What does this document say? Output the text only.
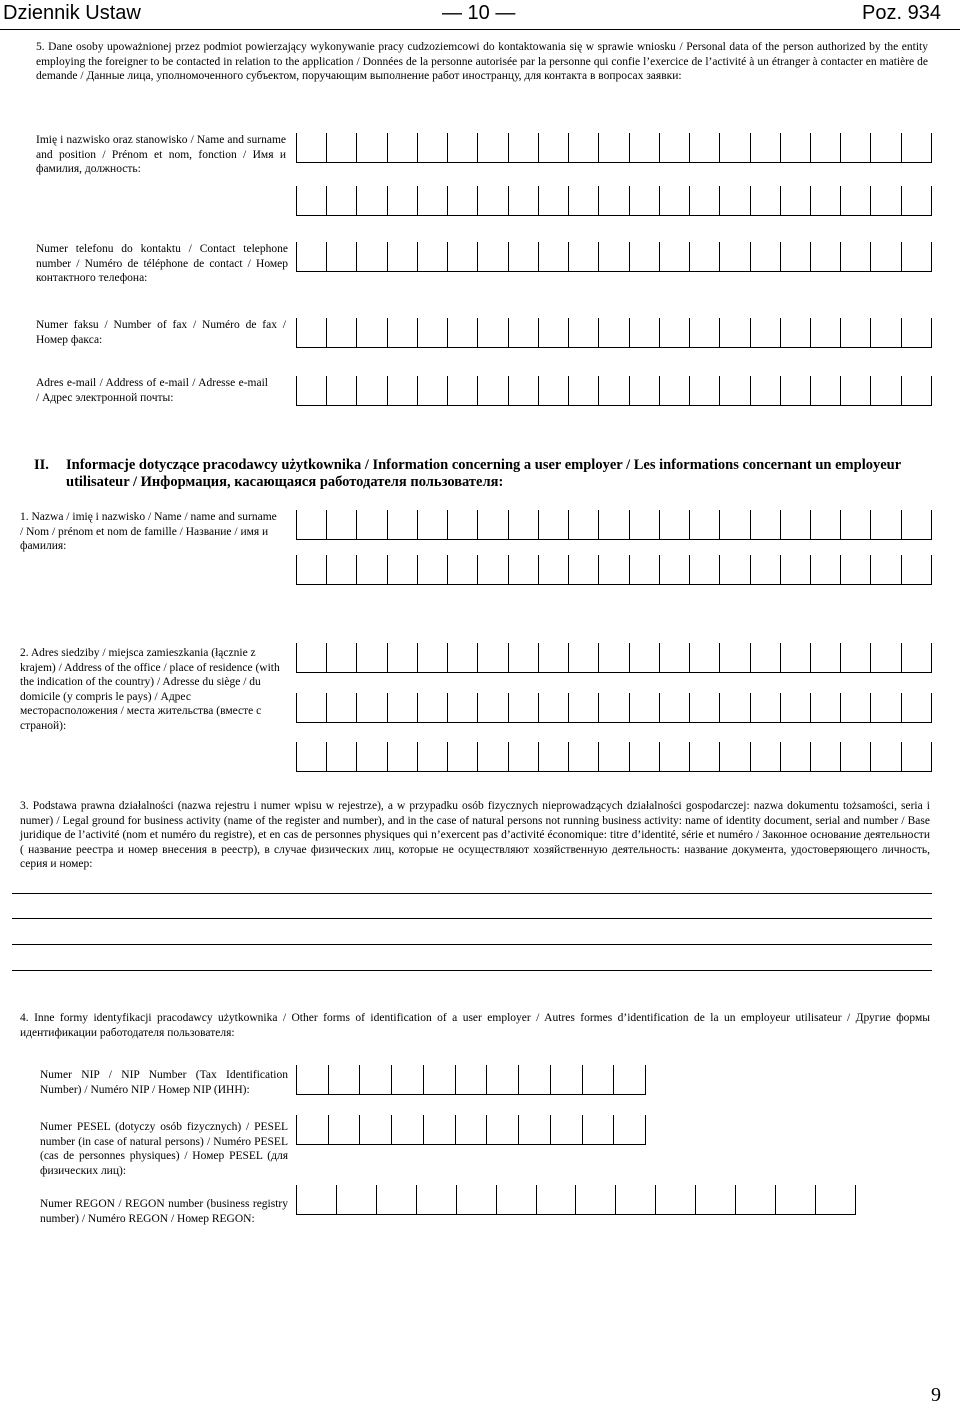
Dziennik Ustaw	— 10 —	Poz. 934
5. Dane osoby upoważnionej przez podmiot powierzający wykonywanie pracy cudzoziemcowi do kontaktowania się w sprawie wniosku / Personal data of the person authorized by the entity employing the foreigner to be contacted in relation to the application / Données de la personne autorisée par la personne qui confie l’exercice de l’activité à un étranger à contacter en matière de demande / Данные лица, уполномоченного субъектом, поручающим выполнение работ иностранцу, для контакта в вопросах заявки:
Imię i nazwisko oraz stanowisko / Name and surname and position / Prénom et nom, fonction / Имя и фамилия, должность:
Numer telefonu do kontaktu / Contact telephone number / Numéro de téléphone de contact / Номер контактного телефона:
Numer faksu / Number of fax / Numéro de fax / Номер факса:
Adres e-mail / Address of e-mail / Adresse e-mail / Адрес электронной почты:
II. Informacje dotyczące pracodawcy użytkownika / Information concerning a user employer / Les informations concernant un employeur utilisateur / Информация, касающаяся работодателя пользователя:
1. Nazwa / imię i nazwisko / Name / name and surname / Nom / prénom et nom de famille / Название / имя и фамилия:
2. Adres siedziby / miejsca zamieszkania (łącznie z krajem) / Address of the office / place of residence (with the indication of the country) / Adresse du siège / du domicile (y compris le pays) / Адрес месторасположения / места жительства (вместе с страной):
3. Podstawa prawna działalności (nazwa rejestru i numer wpisu w rejestrze), a w przypadku osób fizycznych nieprowadzących działalności gospodarczej: nazwa dokumentu tożsamości, seria i numer) / Legal ground for business activity (name of the register and number), and in the case of natural persons not running business activity: name of identity document, serial and number / Base juridique de l’activité (nom et numéro du registre), et en cas de personnes physiques qui n’exercent pas d’activité économique: titre d’identité, série et numéro / Законное основание деятельности ( название реестра и номер внесения в реестр), в случае физических лиц, которые не осуществляют хозяйственную деятельность: название документа, удостоверяющего личность, серия и номер:
4. Inne formy identyfikacji pracodawcy użytkownika / Other forms of identification of a user employer / Autres formes d’identification de la un employeur utilisateur / Другие формы идентификации работодателя пользователя:
Numer NIP / NIP Number (Tax Identification Number) / Numéro NIP / Номер NIP (ИНН):
Numer PESEL (dotyczy osób fizycznych) / PESEL number (in case of natural persons) / Numéro PESEL (cas de personnes physiques) / Номер PESEL (для физических лиц):
Numer REGON / REGON number (business registry number) / Numéro REGON / Номер REGON:
9
